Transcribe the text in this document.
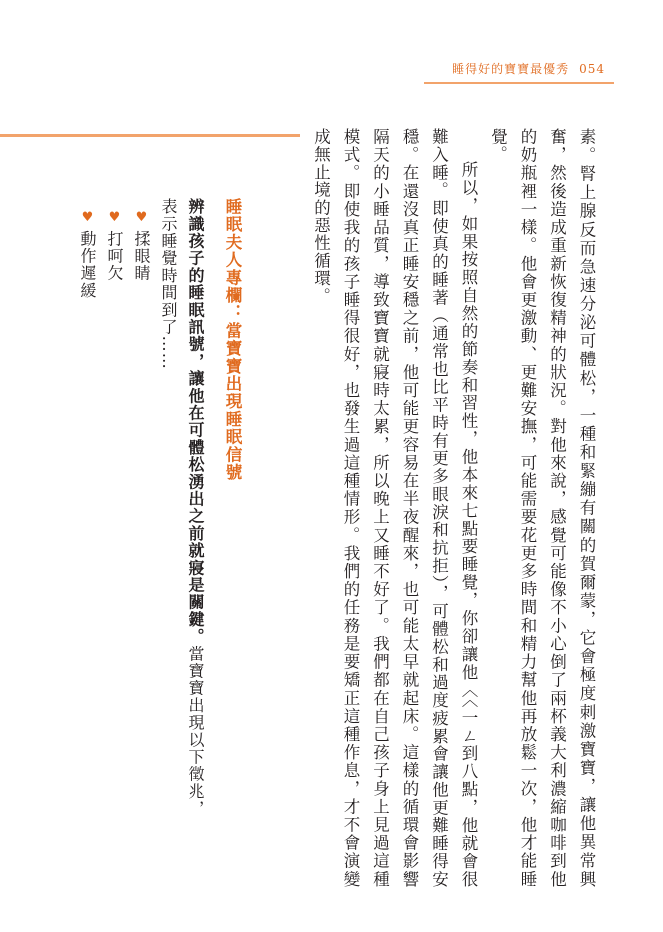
睡得好的寶寶最優秀 054

素。腎上腺反而急速分泌可體松，一種和緊繃有關的賀爾蒙，它會極度刺激寶寶，讓他異常興奮，然後造成重新恢復精神的狀況。對他來說，感覺可能像不小心倒了兩杯義大利濃縮咖啡到他的奶瓶裡一樣。他會更激動、更難安撫，可能需要花更多時間和精力幫他再放鬆一次，他才能睡覺。

所以，如果按照自然的節奏和習性，他本來七點要睡覺，你卻讓他〈〈一ㄥ到八點，他就會很難入睡。即使真的睡著（通常也比平時有更多眼淚和抗拒），可體松和過度疲累會讓他更難睡得安穩。在還沒真正睡安穩之前，他可能更容易在半夜醒來，也可能太早就起床。這樣的循環會影響隔天的小睡品質，導致寶寶就寢時太累，所以晚上又睡不好了。我們都在自己孩子身上見過這種模式。即使我的孩子睡得很好，也發生過這種情形。我們的任務是要矯正這種作息，才不會演變成無止境的惡性循環。

睡眠夫人專欄：當寶寶出現睡眠信號

辨識孩子的睡眠訊號，讓他在可體松湧出之前就寢是關鍵。當寶寶出現以下徵兆，

表示睡覺時間到了……

♥揉眼睛
♥打呵欠
♥動作遲緩
